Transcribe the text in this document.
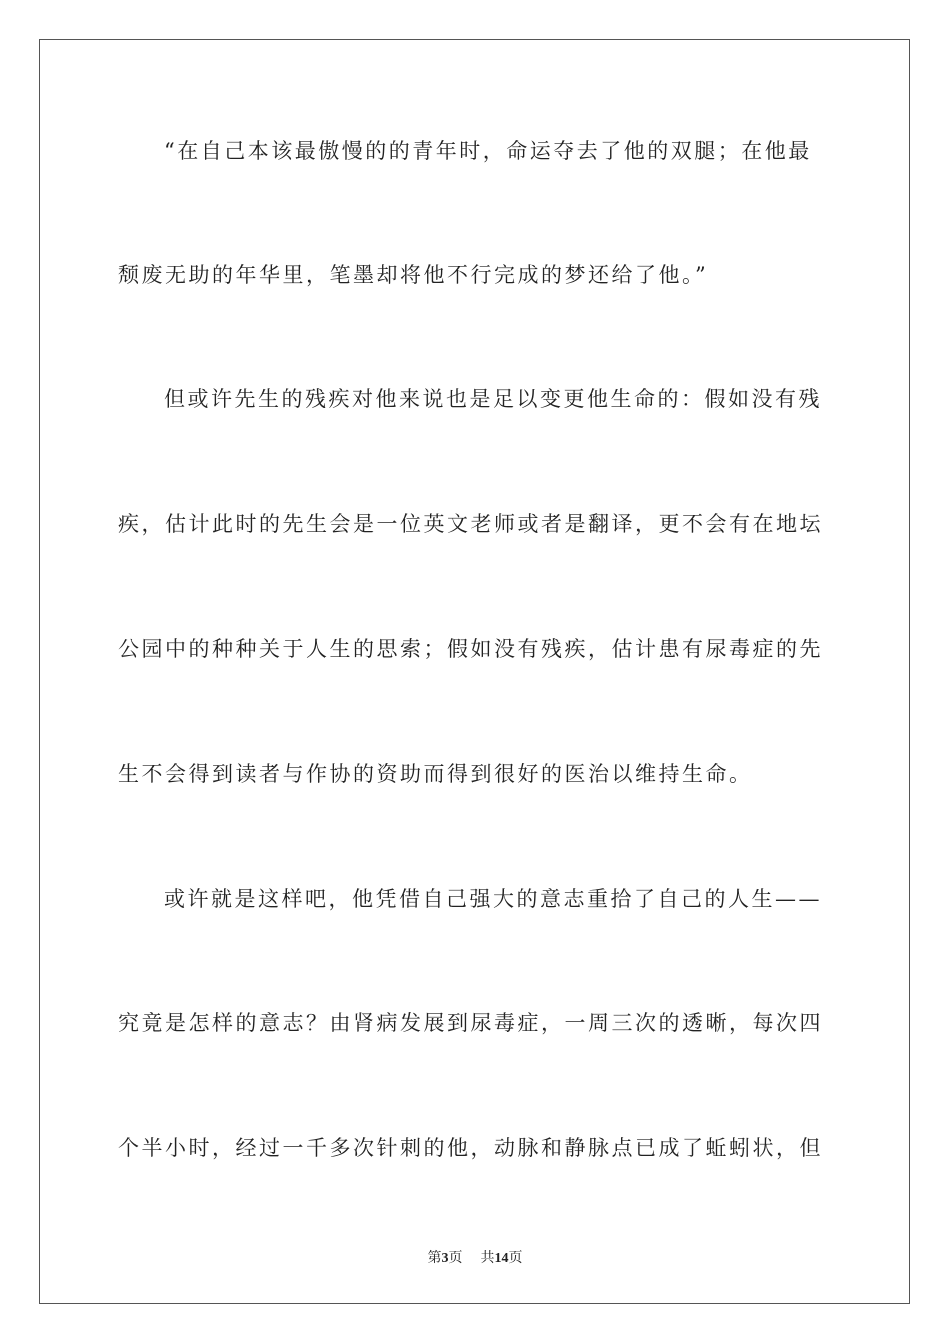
“在自己本该最傲慢的的青年时，命运夺去了他的双腿；在他最
颓废无助的年华里，笔墨却将他不行完成的梦还给了他。”
但或许先生的残疾对他来说也是足以变更他生命的：假如没有残
疾，估计此时的先生会是一位英文老师或者是翻译，更不会有在地坛
公园中的种种关于人生的思索；假如没有残疾，估计患有尿毒症的先
生不会得到读者与作协的资助而得到很好的医治以维持生命。
或许就是这样吧，他凭借自己强大的意志重拾了自己的人生——
究竟是怎样的意志？由肾病发展到尿毒症，一周三次的透晰，每次四
个半小时，经过一千多次针刺的他，动脉和静脉点已成了蚯蚓状，但
第3页 共14页
